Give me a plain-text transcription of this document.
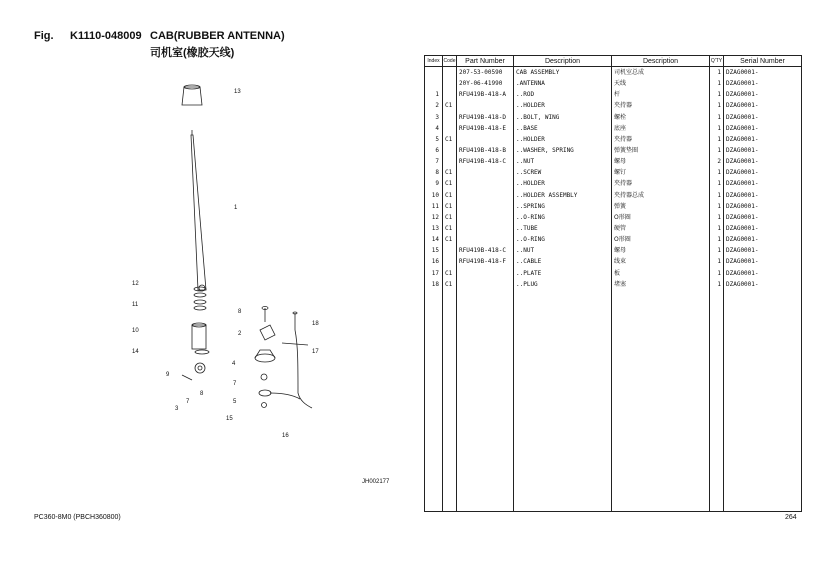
Fig. K1110-048009 CAB(RUBBER ANTENNA)
司机室(橡胶天线)
13
1
12
11
10
14
9
3
7
8
8
2
4
7
5
15
18
17
16
JH002177
Index	Code	Part Number	Description	Description	Q'TY	Serial Number
		207-53-00590	CAB ASSEMBLY	司机室总成	1	DZAG0001-
		20Y-06-41990	.ANTENNA	天线	1	DZAG0001-
1		RFU419B-418-A	..ROD	杆	1	DZAG0001-
2	C1		..HOLDER	夹持器	1	DZAG0001-
3		RFU419B-418-D	..BOLT, WING	螺栓	1	DZAG0001-
4		RFU419B-418-E	..BASE	底座	1	DZAG0001-
5	C1		..HOLDER	夹持器	1	DZAG0001-
6		RFU419B-418-B	..WASHER, SPRING	弹簧垫圈	1	DZAG0001-
7		RFU419B-418-C	..NUT	螺母	2	DZAG0001-
8	C1		..SCREW	螺钉	1	DZAG0001-
9	C1		..HOLDER	夹持器	1	DZAG0001-
10	C1		..HOLDER ASSEMBLY	夹持器总成	1	DZAG0001-
11	C1		..SPRING	弹簧	1	DZAG0001-
12	C1		..O-RING	O形圈	1	DZAG0001-
13	C1		..TUBE	硬管	1	DZAG0001-
14	C1		..O-RING	O形圈	1	DZAG0001-
15		RFU419B-418-C	..NUT	螺母	1	DZAG0001-
16		RFU419B-418-F	..CABLE	线束	1	DZAG0001-
17	C1		..PLATE	板	1	DZAG0001-
18	C1		..PLUG	堵塞	1	DZAG0001-

PC360-8M0 (PBCH360800)	264
